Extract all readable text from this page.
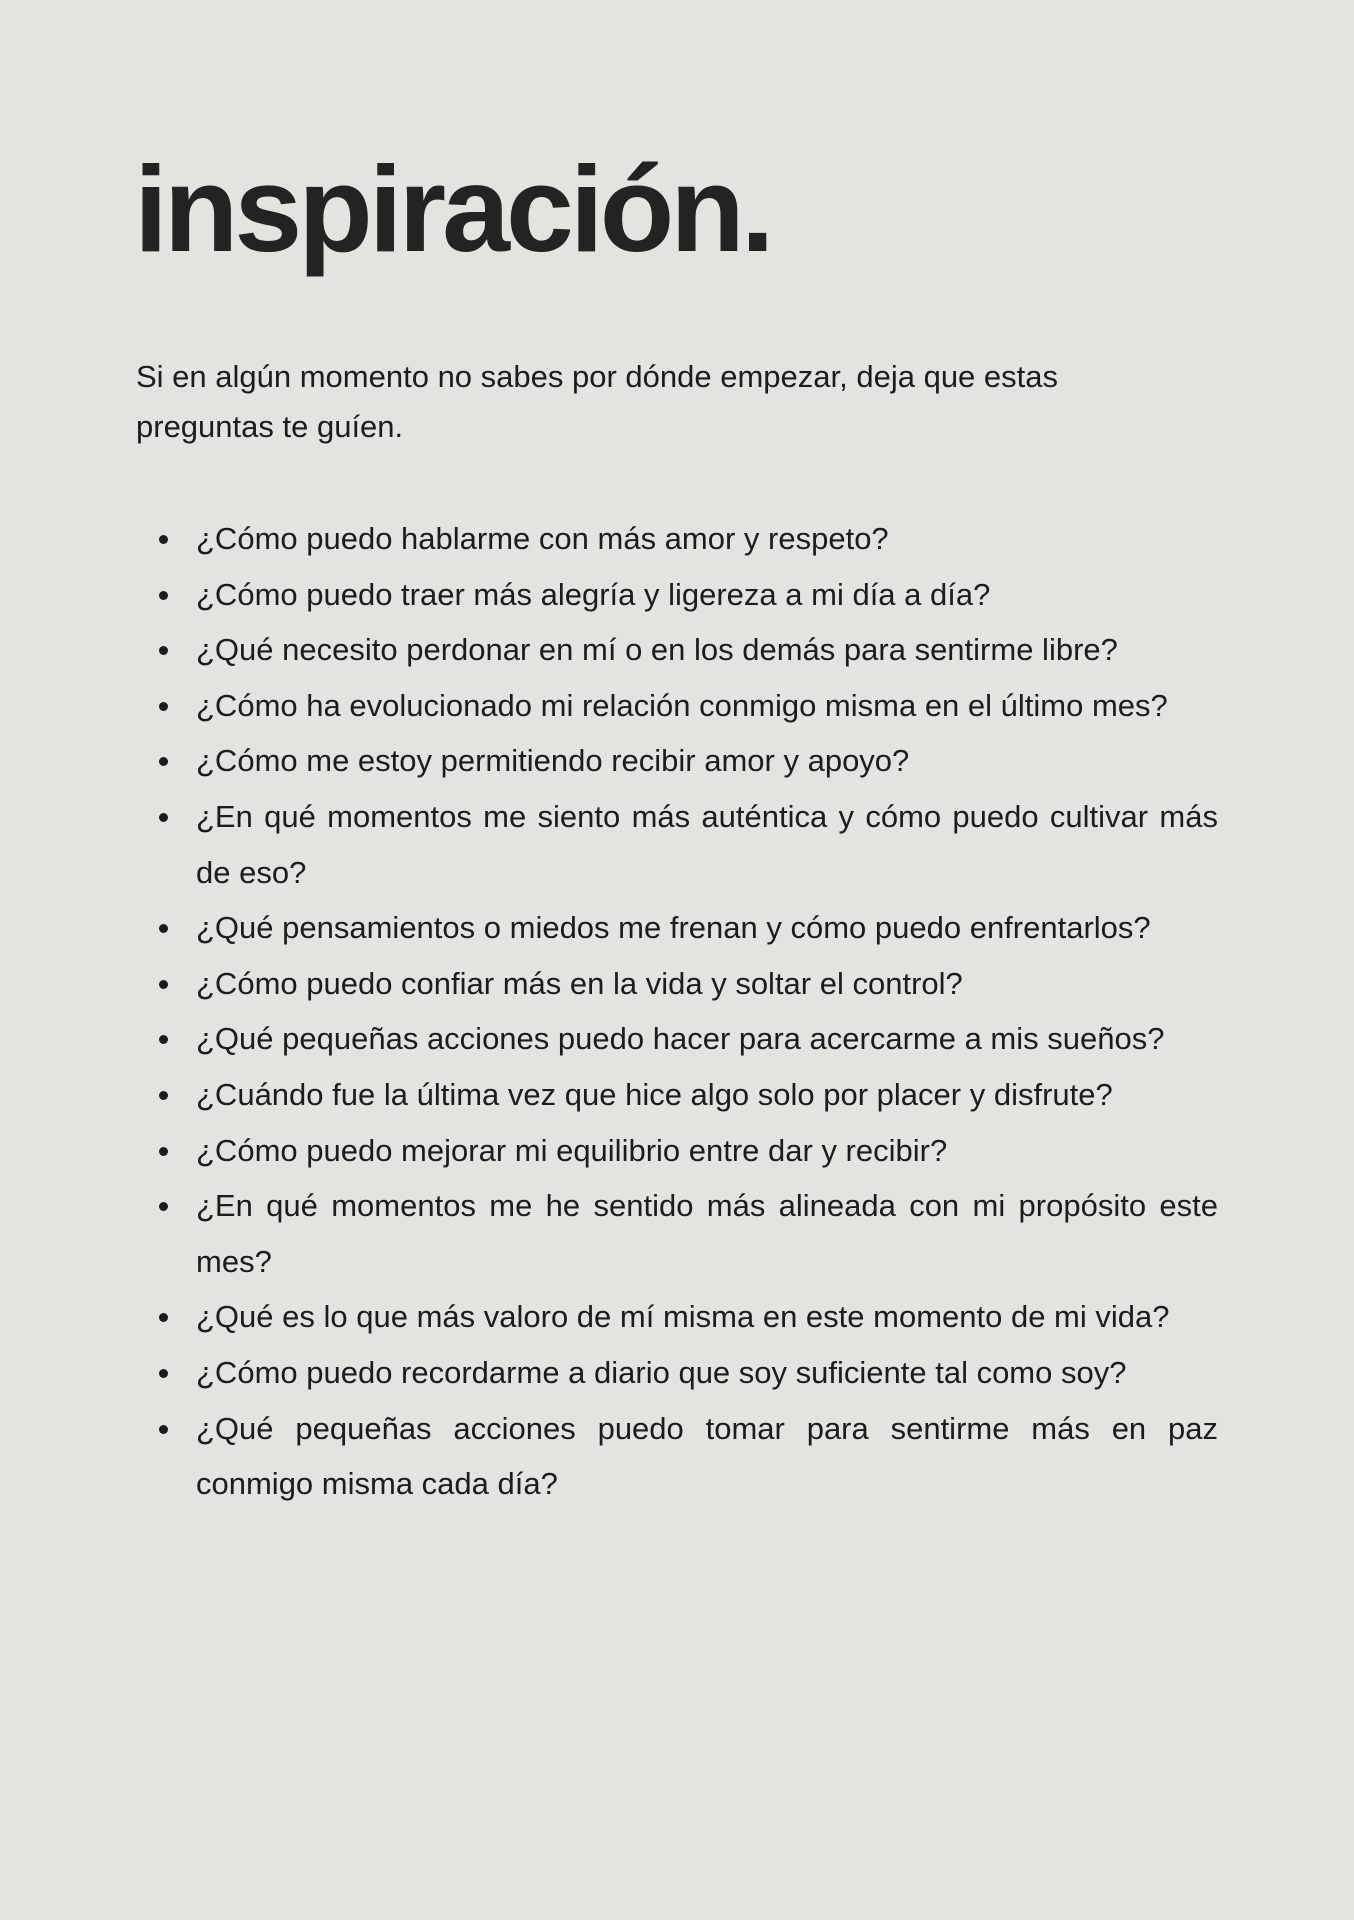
inspiración.

Si en algún momento no sabes por dónde empezar, deja que estas preguntas te guíen.

¿Cómo puedo hablarme con más amor y respeto?
¿Cómo puedo traer más alegría y ligereza a mi día a día?
¿Qué necesito perdonar en mí o en los demás para sentirme libre?
¿Cómo ha evolucionado mi relación conmigo misma en el último mes?
¿Cómo me estoy permitiendo recibir amor y apoyo?
¿En qué momentos me siento más auténtica y cómo puedo cultivar más de eso?
¿Qué pensamientos o miedos me frenan y cómo puedo enfrentarlos?
¿Cómo puedo confiar más en la vida y soltar el control?
¿Qué pequeñas acciones puedo hacer para acercarme a mis sueños?
¿Cuándo fue la última vez que hice algo solo por placer y disfrute?
¿Cómo puedo mejorar mi equilibrio entre dar y recibir?
¿En qué momentos me he sentido más alineada con mi propósito este mes?
¿Qué es lo que más valoro de mí misma en este momento de mi vida?
¿Cómo puedo recordarme a diario que soy suficiente tal como soy?
¿Qué pequeñas acciones puedo tomar para sentirme más en paz conmigo misma cada día?
